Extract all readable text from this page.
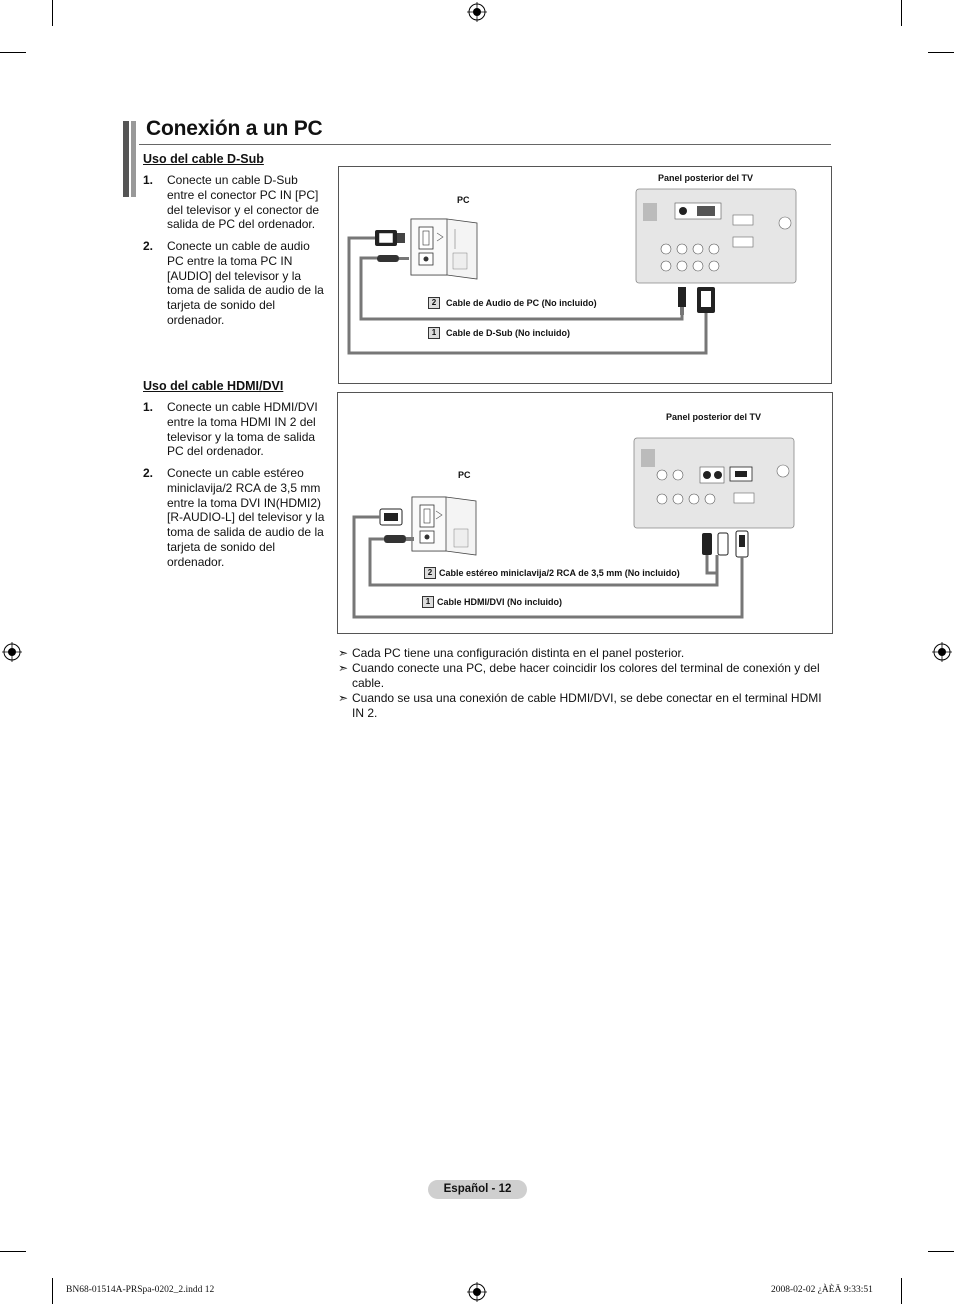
Conexión a un PC
Uso del cable D-Sub
1. Conecte un cable D-Sub entre el conector PC IN [PC] del televisor y el conector de salida de PC del ordenador.
2. Conecte un cable de audio PC entre la toma PC IN [AUDIO] del televisor y la toma de salida de audio de la tarjeta de sonido del ordenador.
Uso del cable HDMI/DVI
1. Conecte un cable HDMI/DVI entre la toma HDMI IN 2 del televisor y la toma de salida PC del ordenador.
2. Conecte un cable estéreo miniclavija/2 RCA de 3,5 mm entre la toma DVI IN(HDMI2) [R-AUDIO-L] del televisor y la toma de salida de audio de la tarjeta de sonido del ordenador.
Panel posterior del TV
PC
2	Cable de Audio de PC (No incluido)
1	Cable de D-Sub (No incluido)
Panel posterior del TV
PC
2 Cable estéreo miniclavija/2 RCA de 3,5 mm (No incluido)
1 Cable HDMI/DVI (No incluido)
➣ Cada PC tiene una configuración distinta en el panel posterior.
➣ Cuando conecte una PC, debe hacer coincidir los colores del terminal de conexión y del cable.
➣ Cuando se usa una conexión de cable HDMI/DVI, se debe conectar en el terminal HDMI IN 2.
Español - 12
BN68-01514A-PRSpa-0202_2.indd 12	2008-02-02 ¿ÀÈÄ 9:33:51
